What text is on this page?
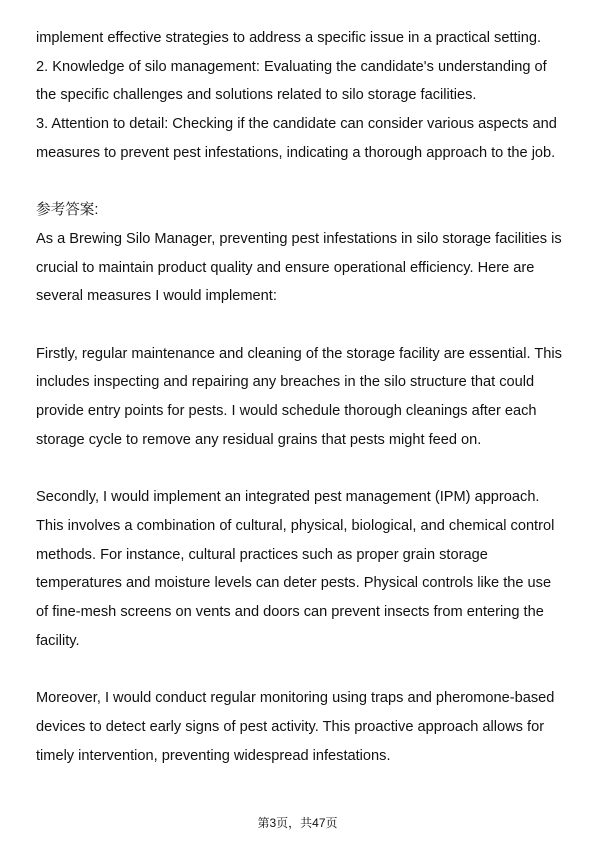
implement effective strategies to address a specific issue in a practical setting.
2. Knowledge of silo management: Evaluating the candidate's understanding of
the specific challenges and solutions related to silo storage facilities.
3. Attention to detail: Checking if the candidate can consider various aspects and
measures to prevent pest infestations, indicating a thorough approach to the job.
参考答案:
As a Brewing Silo Manager, preventing pest infestations in silo storage facilities is
crucial to maintain product quality and ensure operational efficiency. Here are
several measures I would implement:
Firstly, regular maintenance and cleaning of the storage facility are essential. This
includes inspecting and repairing any breaches in the silo structure that could
provide entry points for pests. I would schedule thorough cleanings after each
storage cycle to remove any residual grains that pests might feed on.
Secondly, I would implement an integrated pest management (IPM) approach.
This involves a combination of cultural, physical, biological, and chemical control
methods. For instance, cultural practices such as proper grain storage
temperatures and moisture levels can deter pests. Physical controls like the use
of fine-mesh screens on vents and doors can prevent insects from entering the
facility.
Moreover, I would conduct regular monitoring using traps and pheromone-based
devices to detect early signs of pest activity. This proactive approach allows for
timely intervention, preventing widespread infestations.
第3页，共47页
